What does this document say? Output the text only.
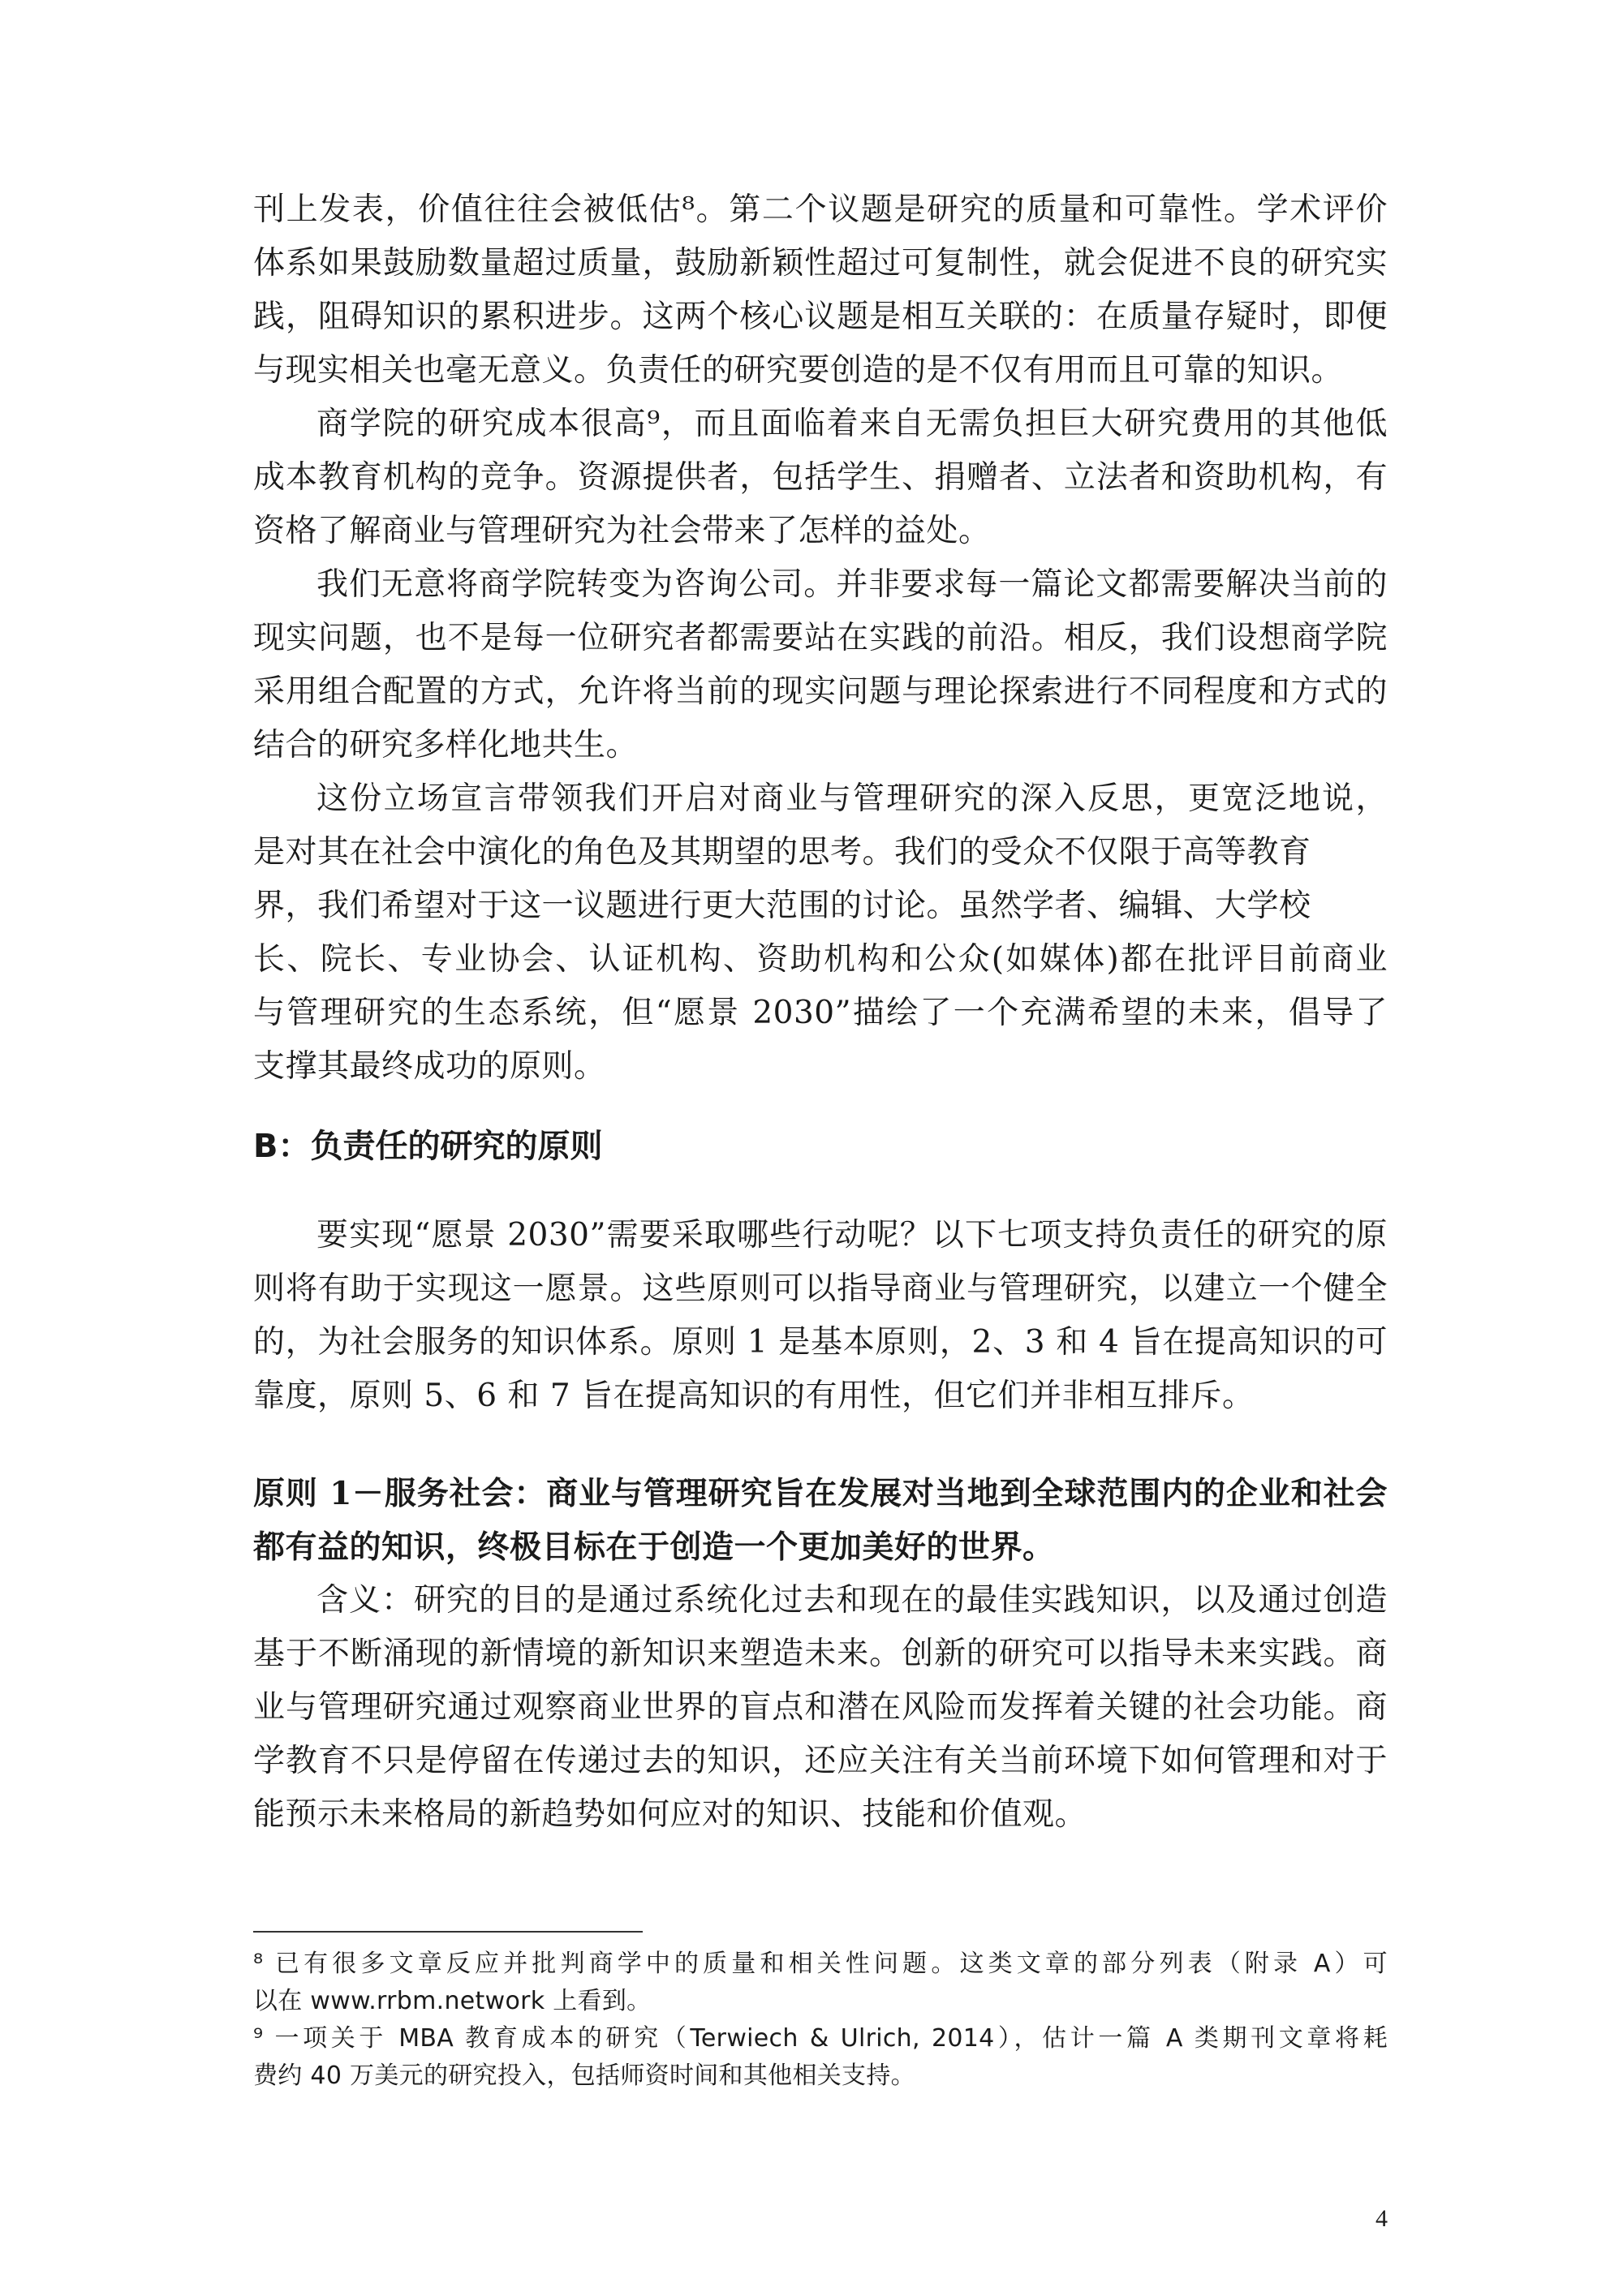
刊上发表，价值往往会被低估⁸。第二个议题是研究的质量和可靠性。学术评价
体系如果鼓励数量超过质量，鼓励新颖性超过可复制性，就会促进不良的研究实
践，阻碍知识的累积进步。这两个核心议题是相互关联的：在质量存疑时，即便
与现实相关也毫无意义。负责任的研究要创造的是不仅有用而且可靠的知识。
商学院的研究成本很高⁹，而且面临着来自无需负担巨大研究费用的其他低
成本教育机构的竞争。资源提供者，包括学生、捐赠者、立法者和资助机构，有
资格了解商业与管理研究为社会带来了怎样的益处。
我们无意将商学院转变为咨询公司。并非要求每一篇论文都需要解决当前的
现实问题，也不是每一位研究者都需要站在实践的前沿。相反，我们设想商学院
采用组合配置的方式，允许将当前的现实问题与理论探索进行不同程度和方式的
结合的研究多样化地共生。
这份立场宣言带领我们开启对商业与管理研究的深入反思，更宽泛地说，
是对其在社会中演化的角色及其期望的思考。我们的受众不仅限于高等教育
界，我们希望对于这一议题进行更大范围的讨论。虽然学者、编辑、大学校
长、院长、专业协会、认证机构、资助机构和公众(如媒体)都在批评目前商业
与管理研究的生态系统，但“愿景 2030”描绘了一个充满希望的未来，倡导了
支撑其最终成功的原则。
B：负责任的研究的原则
要实现“愿景 2030”需要采取哪些行动呢？以下七项支持负责任的研究的原
则将有助于实现这一愿景。这些原则可以指导商业与管理研究，以建立一个健全
的，为社会服务的知识体系。原则 1 是基本原则，2、3 和 4 旨在提高知识的可
靠度，原则 5、6 和 7 旨在提高知识的有用性，但它们并非相互排斥。
原则 1－服务社会：商业与管理研究旨在发展对当地到全球范围内的企业和社会
都有益的知识，终极目标在于创造一个更加美好的世界。
含义：研究的目的是通过系统化过去和现在的最佳实践知识，以及通过创造
基于不断涌现的新情境的新知识来塑造未来。创新的研究可以指导未来实践。商
业与管理研究通过观察商业世界的盲点和潜在风险而发挥着关键的社会功能。商
学教育不只是停留在传递过去的知识，还应关注有关当前环境下如何管理和对于
能预示未来格局的新趋势如何应对的知识、技能和价值观。
⁸ 已有很多文章反应并批判商学中的质量和相关性问题。这类文章的部分列表（附录 A）可
以在 www.rrbm.network 上看到。
⁹ 一项关于 MBA 教育成本的研究（Terwiech & Ulrich, 2014），估计一篇 A 类期刊文章将耗
费约 40 万美元的研究投入，包括师资时间和其他相关支持。
4
